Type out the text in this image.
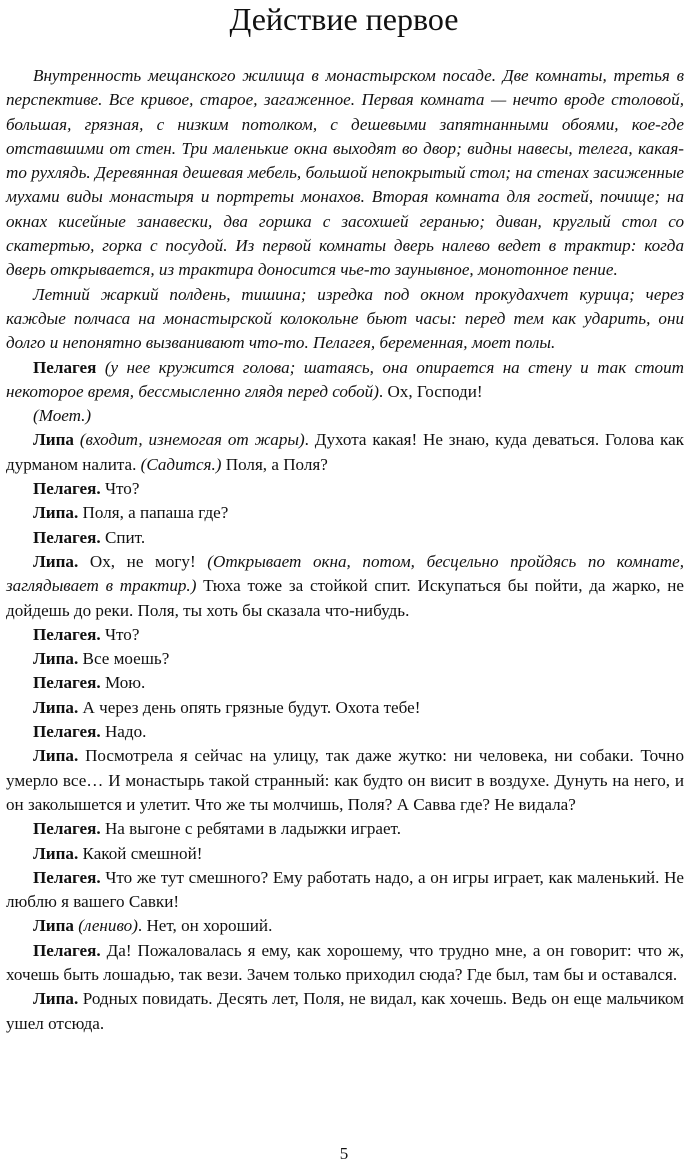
Действие первое

Внутренность мещанского жилища в монастырском посаде. Две комнаты, третья в перспективе. Все кривое, старое, загаженное. Первая комната — нечто вроде столовой, большая, грязная, с низким потолком, с дешевыми запятнанными обоями, кое-где отставшими от стен. Три маленькие окна выходят во двор; видны навесы, телега, какая-то рухлядь. Деревянная дешевая мебель, большой непокрытый стол; на стенах засиженные мухами виды монастыря и портреты монахов. Вторая комната для гостей, почище; на окнах кисейные занавески, два горшка с засохшей геранью; диван, круглый стол со скатертью, горка с посудой. Из первой комнаты дверь налево ведет в трактир: когда дверь открывается, из трактира доносится чье-то заунывное, монотонное пение.

Летний жаркий полдень, тишина; изредка под окном прокудахчет курица; через каждые полчаса на монастырской колокольне бьют часы: перед тем как ударить, они долго и непонятно вызванивают что-то. Пелагея, беременная, моет полы.

Пелагея (у нее кружится голова; шатаясь, она опирается на стену и так стоит некоторое время, бессмысленно глядя перед собой). Ох, Господи!

(Моет.)

Липа (входит, изнемогая от жары). Духота какая! Не знаю, куда деваться. Голова как дурманом налита. (Садится.) Поля, а Поля?

Пелагея. Что?

Липа. Поля, а папаша где?

Пелагея. Спит.

Липа. Ох, не могу! (Открывает окна, потом, бесцельно пройдясь по комнате, заглядывает в трактир.) Тюха тоже за стойкой спит. Искупаться бы пойти, да жарко, не дойдешь до реки. Поля, ты хоть бы сказала что-нибудь.

Пелагея. Что?

Липа. Все моешь?

Пелагея. Мою.

Липа. А через день опять грязные будут. Охота тебе!

Пелагея. Надо.

Липа. Посмотрела я сейчас на улицу, так даже жутко: ни человека, ни собаки. Точно умерло все… И монастырь такой странный: как будто он висит в воздухе. Дунуть на него, и он заколышется и улетит. Что же ты молчишь, Поля? А Савва где? Не видала?

Пелагея. На выгоне с ребятами в ладыжки играет.

Липа. Какой смешной!

Пелагея. Что же тут смешного? Ему работать надо, а он игры играет, как маленький. Не люблю я вашего Савки!

Липа (лениво). Нет, он хороший.

Пелагея. Да! Пожаловалась я ему, как хорошему, что трудно мне, а он говорит: что ж, хочешь быть лошадью, так вези. Зачем только приходил сюда? Где был, там бы и оставался.

Липа. Родных повидать. Десять лет, Поля, не видал, как хочешь. Ведь он еще мальчиком ушел отсюда.

5
